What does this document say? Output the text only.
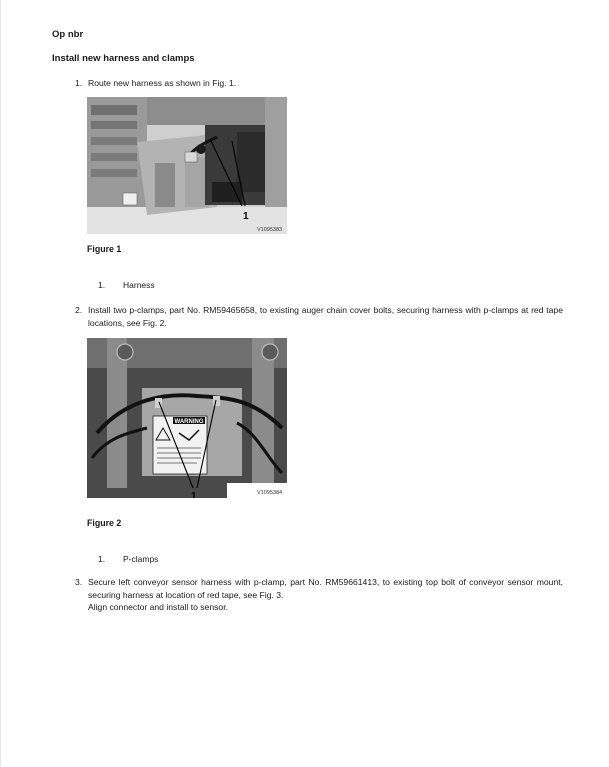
Op nbr
Install new harness and clamps
1. Route new harness as shown in Fig. 1.
1
V1095383
Figure 1
1. Harness
2. Install two p-clamps, part No. RM59465658, to existing auger chain cover bolts, securing harness with p-clamps at red tape locations, see Fig. 2.
WARNING
1	V1095384
Figure 2
1. P-clamps
3. Secure left conveyor sensor harness with p-clamp, part No. RM59661413, to existing top bolt of conveyor sensor mount, securing harness at location of red tape, see Fig. 3.
Align connector and install to sensor.
